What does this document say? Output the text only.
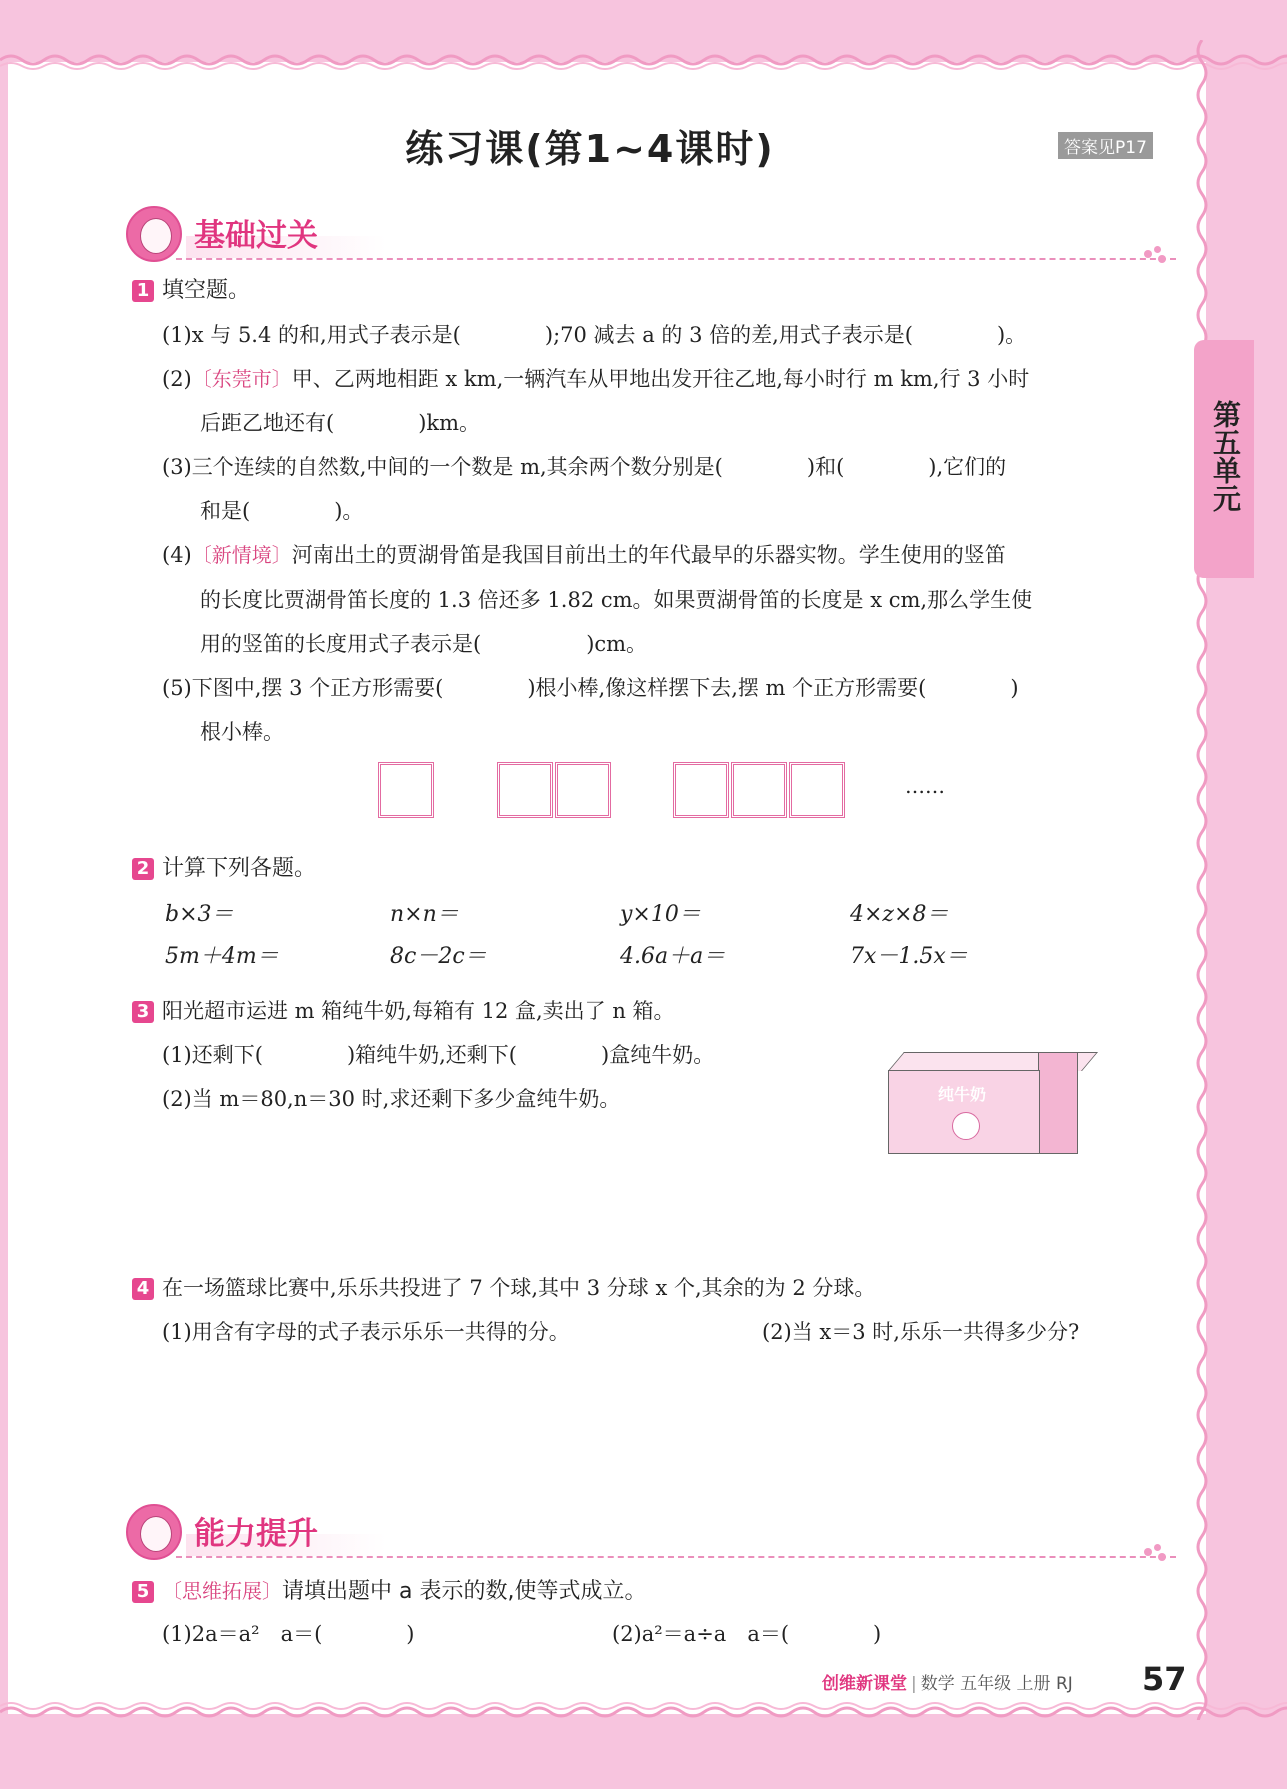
练习课(第1~4课时)	答案见P17
第五单元
基础过关
1 填空题。
(1)x 与 5.4 的和,用式子表示是(　　　　);70 减去 a 的 3 倍的差,用式子表示是(　　　　)。
(2)〔东莞市〕甲、乙两地相距 x km,一辆汽车从甲地出发开往乙地,每小时行 m km,行 3 小时
后距乙地还有(　　　　)km。
(3)三个连续的自然数,中间的一个数是 m,其余两个数分别是(　　　　)和(　　　　),它们的
和是(　　　　)。
(4)〔新情境〕河南出土的贾湖骨笛是我国目前出土的年代最早的乐器实物。学生使用的竖笛
的长度比贾湖骨笛长度的 1.3 倍还多 1.82 cm。如果贾湖骨笛的长度是 x cm,那么学生使
用的竖笛的长度用式子表示是(　　　　　)cm。
(5)下图中,摆 3 个正方形需要(　　　　)根小棒,像这样摆下去,摆 m 个正方形需要(　　　　)
根小棒。
……
2 计算下列各题。
b×3＝	n×n＝	y×10＝	4×z×8＝
5m＋4m＝	8c－2c＝	4.6a＋a＝	7x－1.5x＝
3 阳光超市运进 m 箱纯牛奶,每箱有 12 盒,卖出了 n 箱。
(1)还剩下(　　　　)箱纯牛奶,还剩下(　　　　)盒纯牛奶。
(2)当 m＝80,n＝30 时,求还剩下多少盒纯牛奶。	纯牛奶
4 在一场篮球比赛中,乐乐共投进了 7 个球,其中 3 分球 x 个,其余的为 2 分球。
(1)用含有字母的式子表示乐乐一共得的分。	(2)当 x＝3 时,乐乐一共得多少分?
能力提升
5 〔思维拓展〕请填出题中 a 表示的数,使等式成立。
(1)2a＝a²　a＝(　　　　)	(2)a²＝a÷a　a＝(　　　　)
创维新课堂 | 数学 五年级 上册 RJ 57
